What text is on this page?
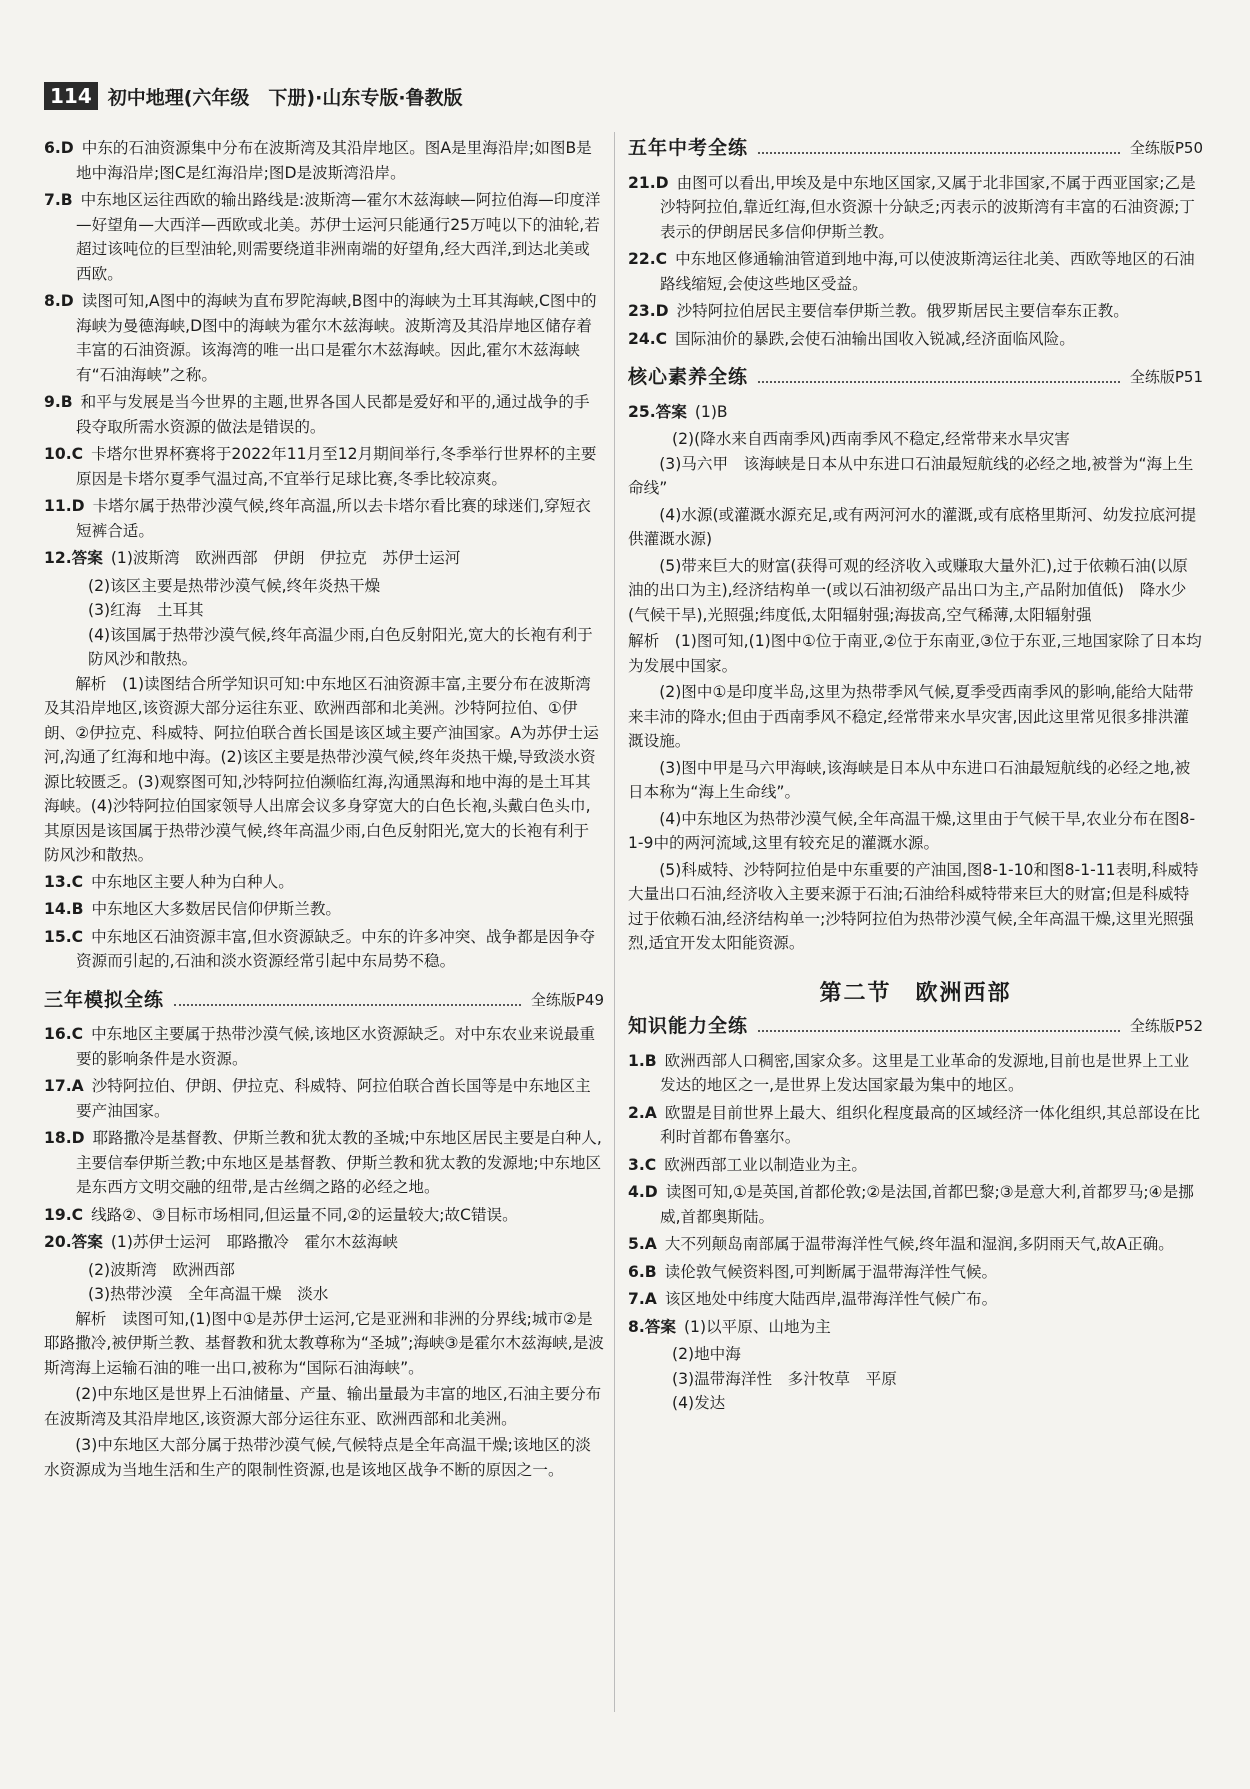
114 初中地理(六年级　下册)·山东专版·鲁教版
6.D 中东的石油资源集中分布在波斯湾及其沿岸地区。图A是里海沿岸;如图B是地中海沿岸;图C是红海沿岸;图D是波斯湾沿岸。
7.B 中东地区运往西欧的输出路线是:波斯湾—霍尔木兹海峡—阿拉伯海—印度洋—好望角—大西洋—西欧或北美。苏伊士运河只能通行25万吨以下的油轮,若超过该吨位的巨型油轮,则需要绕道非洲南端的好望角,经大西洋,到达北美或西欧。
8.D 读图可知,A图中的海峡为直布罗陀海峡,B图中的海峡为土耳其海峡,C图中的海峡为曼德海峡,D图中的海峡为霍尔木兹海峡。波斯湾及其沿岸地区储存着丰富的石油资源。该海湾的唯一出口是霍尔木兹海峡。因此,霍尔木兹海峡有“石油海峡”之称。
9.B 和平与发展是当今世界的主题,世界各国人民都是爱好和平的,通过战争的手段夺取所需水资源的做法是错误的。
10.C 卡塔尔世界杯赛将于2022年11月至12月期间举行,冬季举行世界杯的主要原因是卡塔尔夏季气温过高,不宜举行足球比赛,冬季比较凉爽。
11.D 卡塔尔属于热带沙漠气候,终年高温,所以去卡塔尔看比赛的球迷们,穿短衣短裤合适。
12.答案 (1)波斯湾　欧洲西部　伊朗　伊拉克　苏伊士运河

(2)该区主要是热带沙漠气候,终年炎热干燥

(3)红海　土耳其

(4)该国属于热带沙漠气候,终年高温少雨,白色反射阳光,宽大的长袍有利于防风沙和散热。

解析　(1)读图结合所学知识可知:中东地区石油资源丰富,主要分布在波斯湾及其沿岸地区,该资源大部分运往东亚、欧洲西部和北美洲。沙特阿拉伯、①伊朗、②伊拉克、科威特、阿拉伯联合酋长国是该区域主要产油国家。A为苏伊士运河,沟通了红海和地中海。(2)该区主要是热带沙漠气候,终年炎热干燥,导致淡水资源比较匮乏。(3)观察图可知,沙特阿拉伯濒临红海,沟通黑海和地中海的是土耳其海峡。(4)沙特阿拉伯国家领导人出席会议多身穿宽大的白色长袍,头戴白色头巾,其原因是该国属于热带沙漠气候,终年高温少雨,白色反射阳光,宽大的长袍有利于防风沙和散热。

13.C 中东地区主要人种为白种人。
14.B 中东地区大多数居民信仰伊斯兰教。
15.C 中东地区石油资源丰富,但水资源缺乏。中东的许多冲突、战争都是因争夺资源而引起的,石油和淡水资源经常引起中东局势不稳。
三年模拟全练	全练版P49
16.C 中东地区主要属于热带沙漠气候,该地区水资源缺乏。对中东农业来说最重要的影响条件是水资源。
17.A 沙特阿拉伯、伊朗、伊拉克、科威特、阿拉伯联合酋长国等是中东地区主要产油国家。
18.D 耶路撒冷是基督教、伊斯兰教和犹太教的圣城;中东地区居民主要是白种人,主要信奉伊斯兰教;中东地区是基督教、伊斯兰教和犹太教的发源地;中东地区是东西方文明交融的纽带,是古丝绸之路的必经之地。
19.C 线路②、③目标市场相同,但运量不同,②的运量较大;故C错误。
20.答案 (1)苏伊士运河　耶路撒冷　霍尔木兹海峡

(2)波斯湾　欧洲西部

(3)热带沙漠　全年高温干燥　淡水

解析　读图可知,(1)图中①是苏伊士运河,它是亚洲和非洲的分界线;城市②是耶路撒冷,被伊斯兰教、基督教和犹太教尊称为“圣城”;海峡③是霍尔木兹海峡,是波斯湾海上运输石油的唯一出口,被称为“国际石油海峡”。

(2)中东地区是世界上石油储量、产量、输出量最为丰富的地区,石油主要分布在波斯湾及其沿岸地区,该资源大部分运往东亚、欧洲西部和北美洲。

(3)中东地区大部分属于热带沙漠气候,气候特点是全年高温干燥;该地区的淡水资源成为当地生活和生产的限制性资源,也是该地区战争不断的原因之一。

五年中考全练	全练版P50
21.D 由图可以看出,甲埃及是中东地区国家,又属于北非国家,不属于西亚国家;乙是沙特阿拉伯,靠近红海,但水资源十分缺乏;丙表示的波斯湾有丰富的石油资源;丁表示的伊朗居民多信仰伊斯兰教。
22.C 中东地区修通输油管道到地中海,可以使波斯湾运往北美、西欧等地区的石油路线缩短,会使这些地区受益。
23.D 沙特阿拉伯居民主要信奉伊斯兰教。俄罗斯居民主要信奉东正教。
24.C 国际油价的暴跌,会使石油输出国收入锐减,经济面临风险。
核心素养全练	全练版P51
25.答案 (1)B

(2)(降水来自西南季风)西南季风不稳定,经常带来水旱灾害

(3)马六甲　该海峡是日本从中东进口石油最短航线的必经之地,被誉为“海上生命线”

(4)水源(或灌溉水源充足,或有两河河水的灌溉,或有底格里斯河、幼发拉底河提供灌溉水源)

(5)带来巨大的财富(获得可观的经济收入或赚取大量外汇),过于依赖石油(以原油的出口为主),经济结构单一(或以石油初级产品出口为主,产品附加值低)　降水少(气候干旱),光照强;纬度低,太阳辐射强;海拔高,空气稀薄,太阳辐射强

解析　(1)图可知,(1)图中①位于南亚,②位于东南亚,③位于东亚,三地国家除了日本均为发展中国家。

(2)图中①是印度半岛,这里为热带季风气候,夏季受西南季风的影响,能给大陆带来丰沛的降水;但由于西南季风不稳定,经常带来水旱灾害,因此这里常见很多排洪灌溉设施。

(3)图中甲是马六甲海峡,该海峡是日本从中东进口石油最短航线的必经之地,被日本称为“海上生命线”。

(4)中东地区为热带沙漠气候,全年高温干燥,这里由于气候干旱,农业分布在图8-1-9中的两河流域,这里有较充足的灌溉水源。

(5)科威特、沙特阿拉伯是中东重要的产油国,图8-1-10和图8-1-11表明,科威特大量出口石油,经济收入主要来源于石油;石油给科威特带来巨大的财富;但是科威特过于依赖石油,经济结构单一;沙特阿拉伯为热带沙漠气候,全年高温干燥,这里光照强烈,适宜开发太阳能资源。

第二节　欧洲西部
知识能力全练	全练版P52
1.B 欧洲西部人口稠密,国家众多。这里是工业革命的发源地,目前也是世界上工业发达的地区之一,是世界上发达国家最为集中的地区。
2.A 欧盟是目前世界上最大、组织化程度最高的区域经济一体化组织,其总部设在比利时首都布鲁塞尔。
3.C 欧洲西部工业以制造业为主。
4.D 读图可知,①是英国,首都伦敦;②是法国,首都巴黎;③是意大利,首都罗马;④是挪威,首都奥斯陆。
5.A 大不列颠岛南部属于温带海洋性气候,终年温和湿润,多阴雨天气,故A正确。
6.B 读伦敦气候资料图,可判断属于温带海洋性气候。
7.A 该区地处中纬度大陆西岸,温带海洋性气候广布。
8.答案 (1)以平原、山地为主

(2)地中海

(3)温带海洋性　多汁牧草　平原

(4)发达
